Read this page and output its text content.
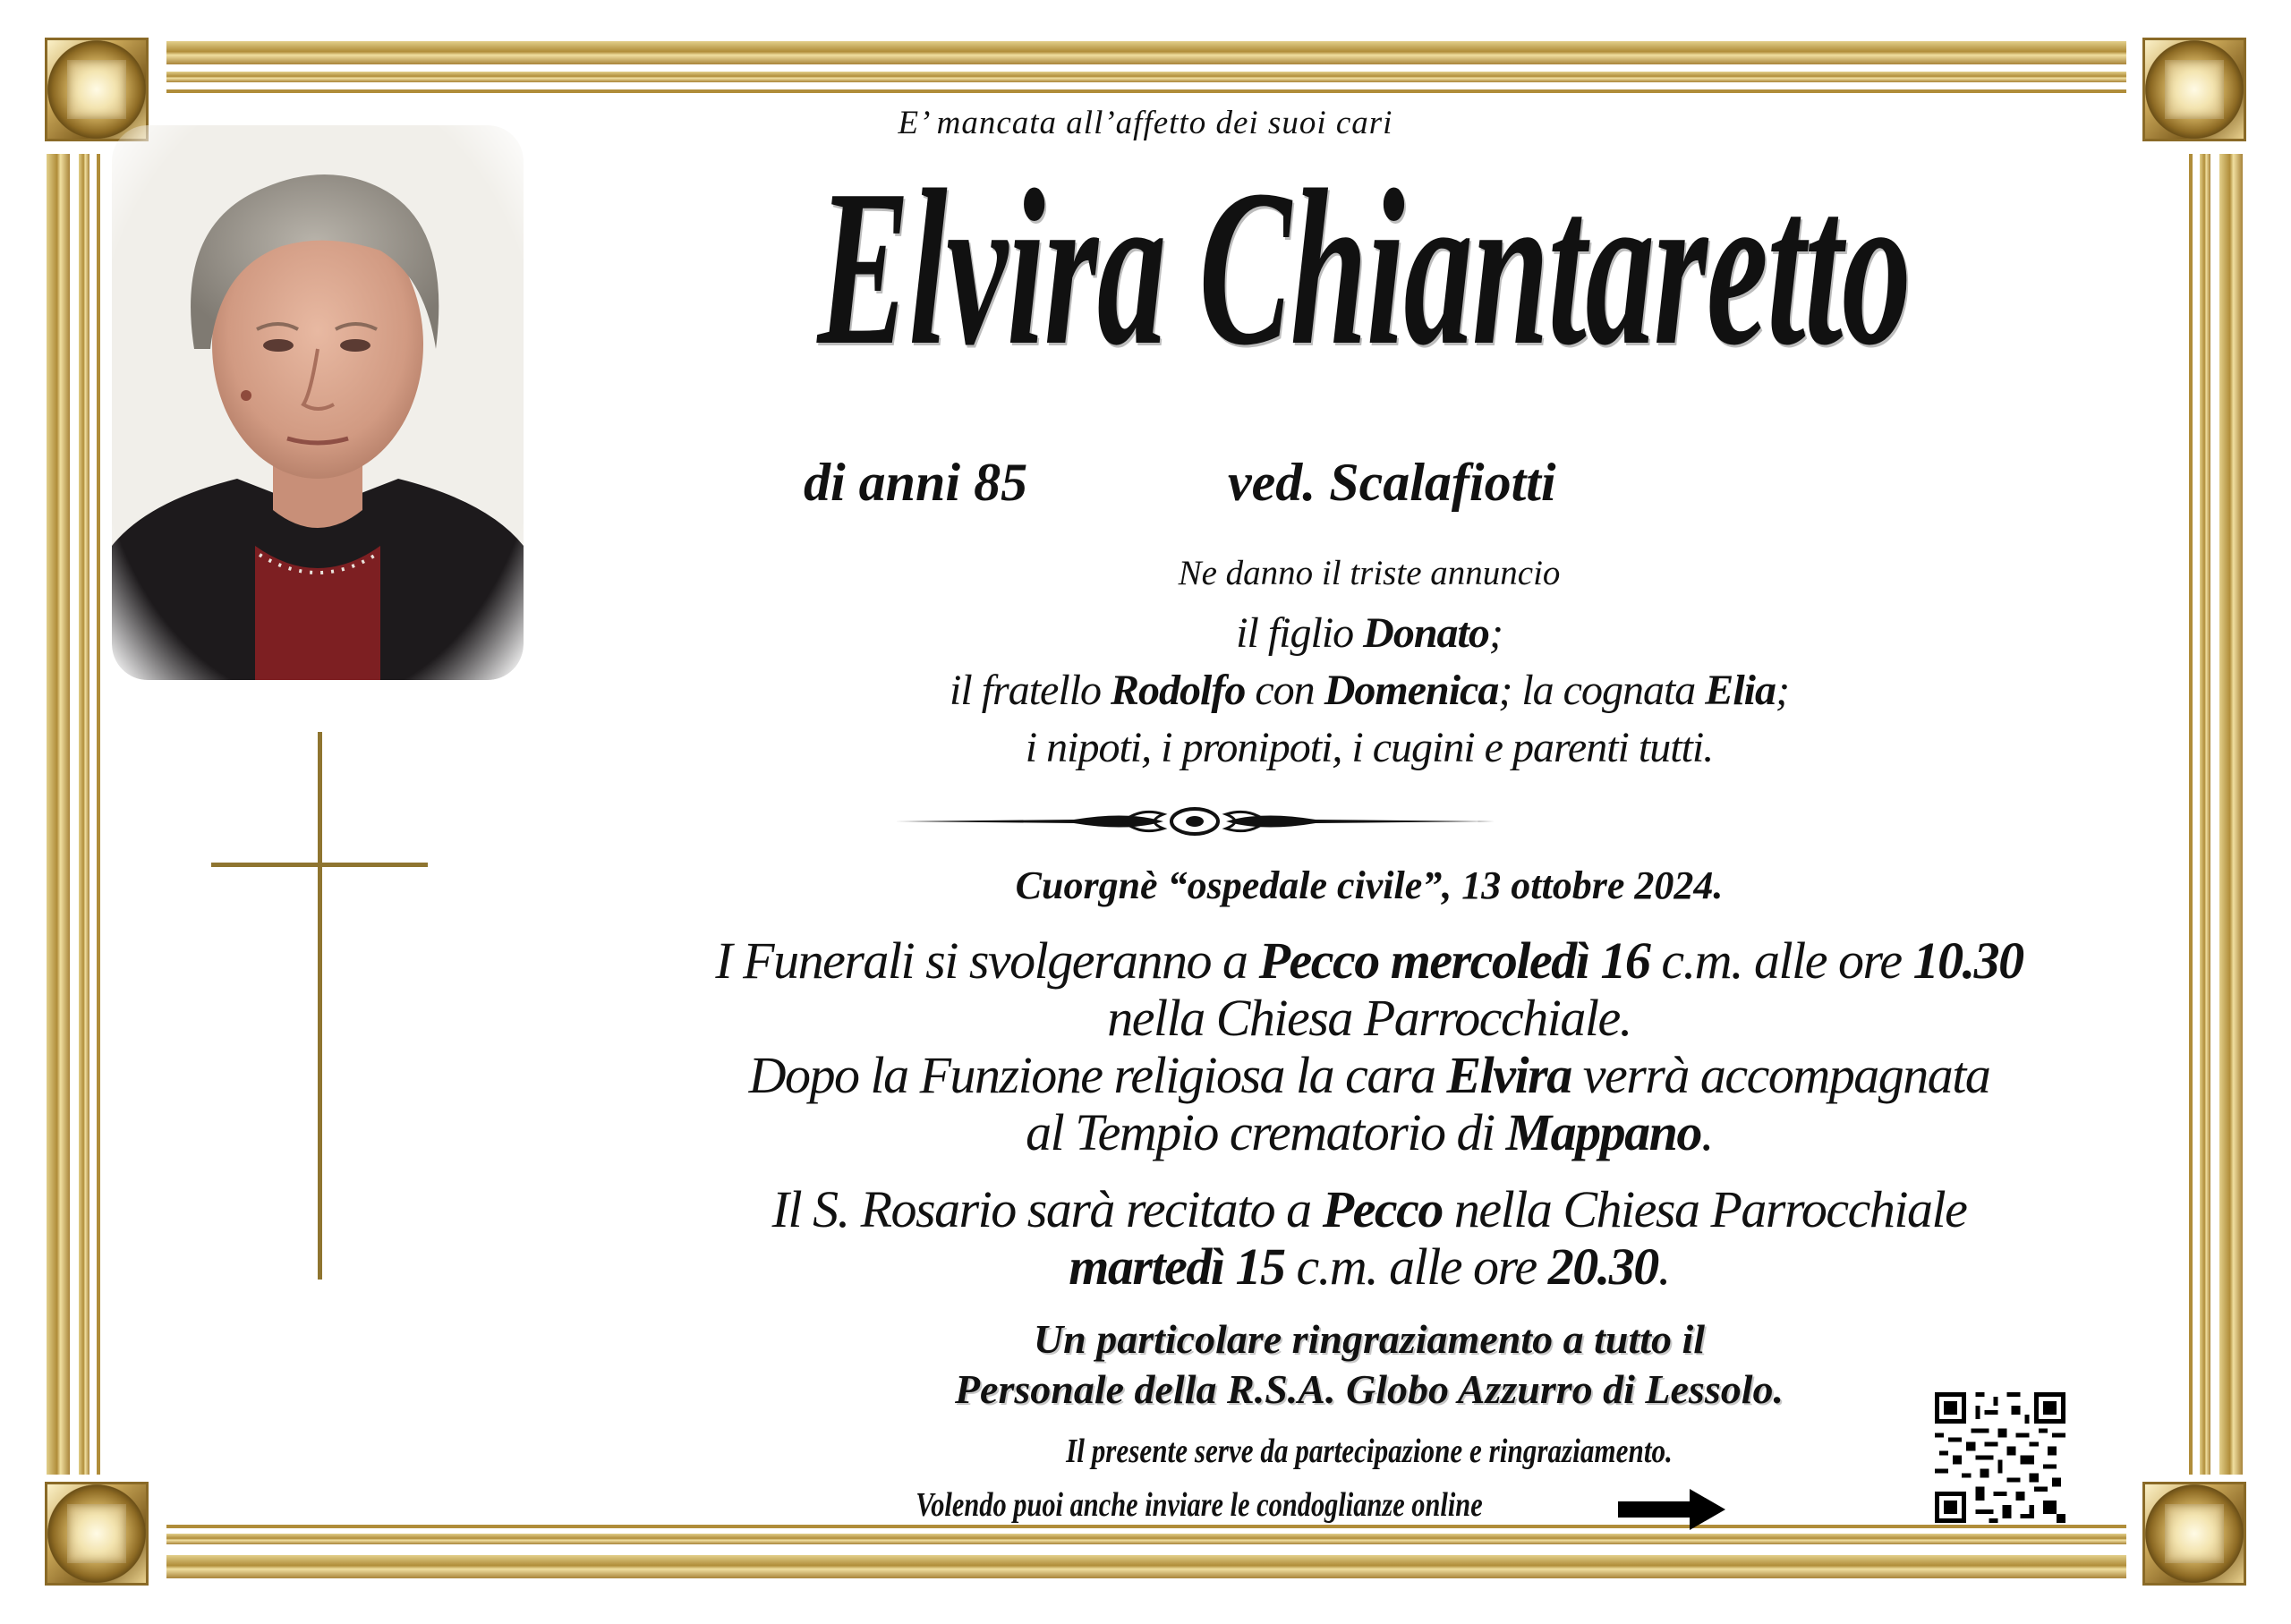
E’ mancata all’affetto dei suoi cari
Elvira Chiantaretto
di anni 85	ved. Scalafiotti
Ne danno il triste annuncio
il figlio Donato;
il fratello Rodolfo con Domenica; la cognata Elia;
i nipoti, i pronipoti, i cugini e parenti tutti.
Cuorgnè “ospedale civile”, 13 ottobre 2024.
I Funerali si svolgeranno a Pecco mercoledì 16 c.m. alle ore 10.30
nella Chiesa Parrocchiale.
Dopo la Funzione religiosa la cara Elvira verrà accompagnata
al Tempio crematorio di Mappano.
Il S. Rosario sarà recitato a Pecco nella Chiesa Parrocchiale
martedì 15 c.m. alle ore 20.30.
Un particolare ringraziamento a tutto il
Personale della R.S.A. Globo Azzurro di Lessolo.
Il presente serve da partecipazione e ringraziamento.
Volendo puoi anche inviare le condoglianze online
